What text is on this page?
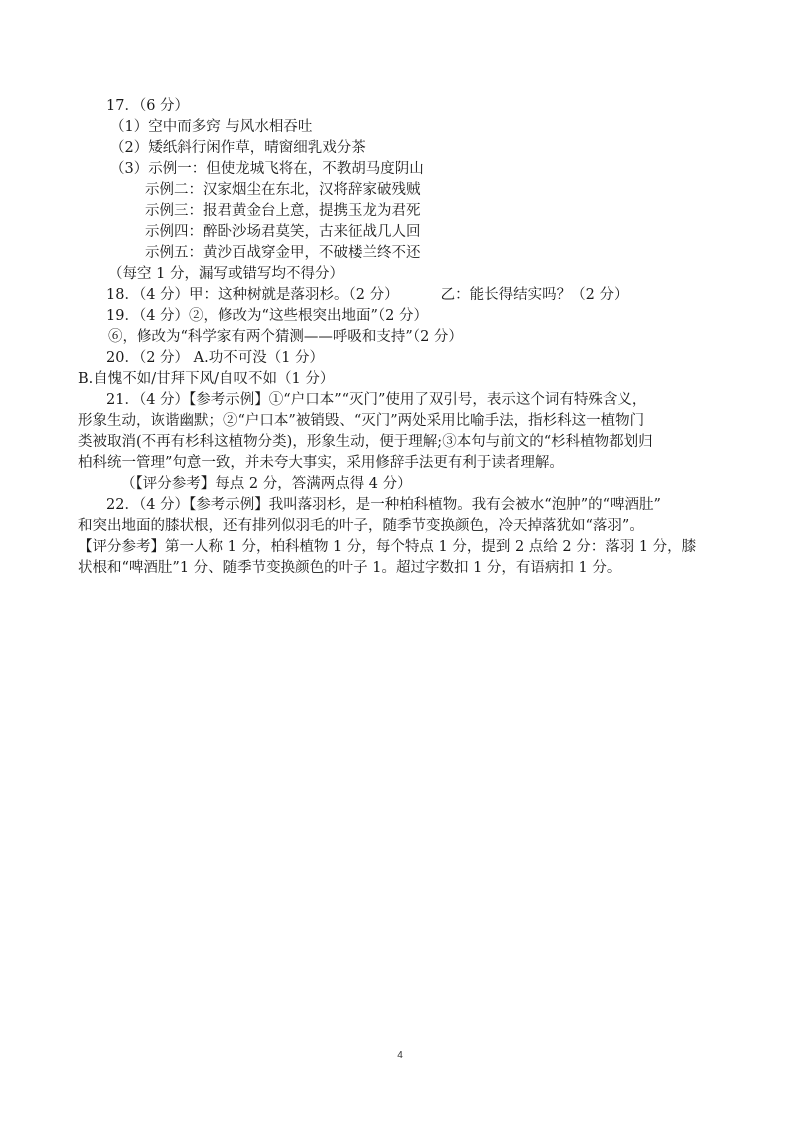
17．（6 分）
（1）空中而多窍 与风水相吞吐
（2）矮纸斜行闲作草，晴窗细乳戏分茶
（3）示例一：但使龙城飞将在，不教胡马度阴山
示例二：汉家烟尘在东北，汉将辞家破残贼
示例三：报君黄金台上意，提携玉龙为君死
示例四：醉卧沙场君莫笑，古来征战几人回
示例五：黄沙百战穿金甲，不破楼兰终不还
（每空 1 分，漏写或错写均不得分）
18．（4 分）甲：这种树就是落羽杉。（2 分）	乙：能长得结实吗？（2 分）
19．（4 分）②，修改为“这些根突出地面”（2 分）
⑥，修改为“科学家有两个猜测——呼吸和支持”（2 分）
20．（2 分） A.功不可没（1 分）
B.自愧不如/甘拜下风/自叹不如（1 分）
21．（4 分）【参考示例】①“户口本”“灭门”使用了双引号，表示这个词有特殊含义，
形象生动，诙谐幽默；②“户口本”被销毁、“灭门”两处采用比喻手法，指杉科这一植物门
类被取消(不再有杉科这植物分类)，形象生动，便于理解;③本句与前文的“杉科植物都划归
柏科统一管理”句意一致，并未夸大事实，采用修辞手法更有利于读者理解。
（【评分参考】每点 2 分，答满两点得 4 分）
22．（4 分）【参考示例】我叫落羽杉，是一种柏科植物。我有会被水“泡肿”的“啤酒肚”
和突出地面的膝状根，还有排列似羽毛的叶子，随季节变换颜色，冷天掉落犹如“落羽”。
【评分参考】第一人称 1 分，柏科植物 1 分，每个特点 1 分，提到 2 点给 2 分：落羽 1 分，膝
状根和“啤酒肚”1 分、随季节变换颜色的叶子 1。超过字数扣 1 分，有语病扣 1 分。
4
